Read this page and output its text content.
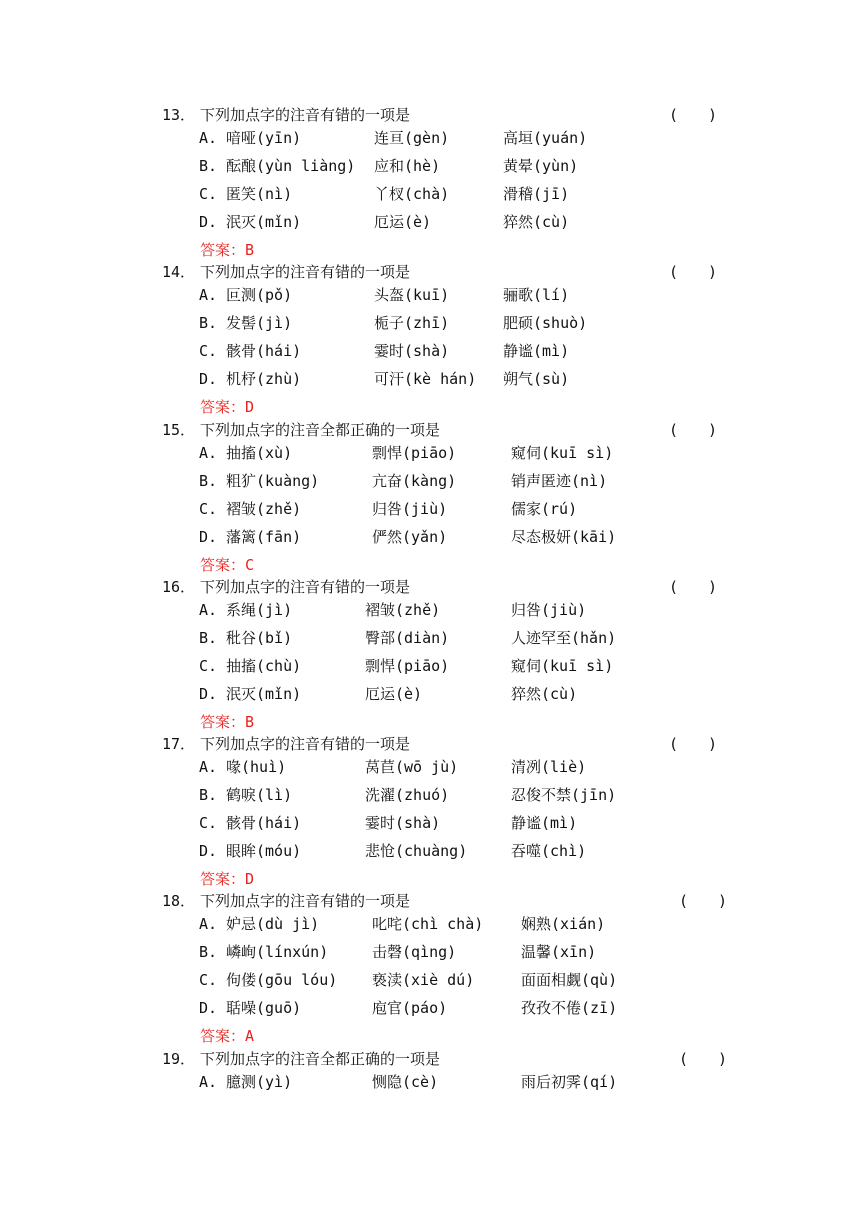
13． 下列加点字的注音有错的一项是	(　　)
A. 喑哑(yīn)	连亘(gèn)	高垣(yuán)
B. 酝酿(yùn liàng) 应和(hè)	黄晕(yùn)
C. 匿笑(nì)	丫杈(chà)	滑稽(jī)
D. 泯灭(mǐn)	厄运(è)	猝然(cù)
答案：B
14． 下列加点字的注音有错的一项是	(　　)
A. 叵测(pǒ)	头盔(kuī)	骊歌(lí)
B. 发髻(jì)	栀子(zhī)	肥硕(shuò)
C. 骸骨(hái)	霎时(shà)	静谧(mì)
D. 机杼(zhù)	可汗(kè hán) 朔气(sù)
答案：D
15． 下列加点字的注音全都正确的一项是	(　　)
A. 抽搐(xù)	剽悍(piāo)	窥伺(kuī sì)
B. 粗犷(kuàng)	亢奋(kàng)	销声匿迹(nì)
C. 褶皱(zhě)	归咎(jiù)	儒家(rú)
D. 藩篱(fān)	俨然(yǎn)	尽态极妍(kāi)
答案：C
16． 下列加点字的注音有错的一项是	(　　)
A. 系绳(jì)	褶皱(zhě)	归咎(jiù)
B. 秕谷(bǐ)	臀部(diàn)	人迹罕至(hǎn)
C. 抽搐(chù)	剽悍(piāo)	窥伺(kuī sì)
D. 泯灭(mǐn)	厄运(è)	猝然(cù)
答案：B
17． 下列加点字的注音有错的一项是	(　　)
A. 喙(huì)	莴苣(wō jù)	清冽(liè)
B. 鹤唳(lì)	洗濯(zhuó)	忍俊不禁(jīn)
C. 骸骨(hái)	霎时(shà)	静谧(mì)
D. 眼眸(móu)	悲怆(chuàng)	吞噬(chì)
答案：D
18． 下列加点字的注音有错的一项是	(　　)
A. 妒忌(dù jì)	叱咤(chì chà)	娴熟(xián)
B. 嶙峋(línxún)	击磬(qìng)	温馨(xīn)
C. 佝偻(gōu lóu) 亵渎(xiè dú)	面面相觑(qù)
D. 聒噪(guō)	庖官(páo)	孜孜不倦(zī)
答案：A
19． 下列加点字的注音全都正确的一项是	(　　)
A. 臆测(yì)	恻隐(cè)	雨后初霁(qí)
